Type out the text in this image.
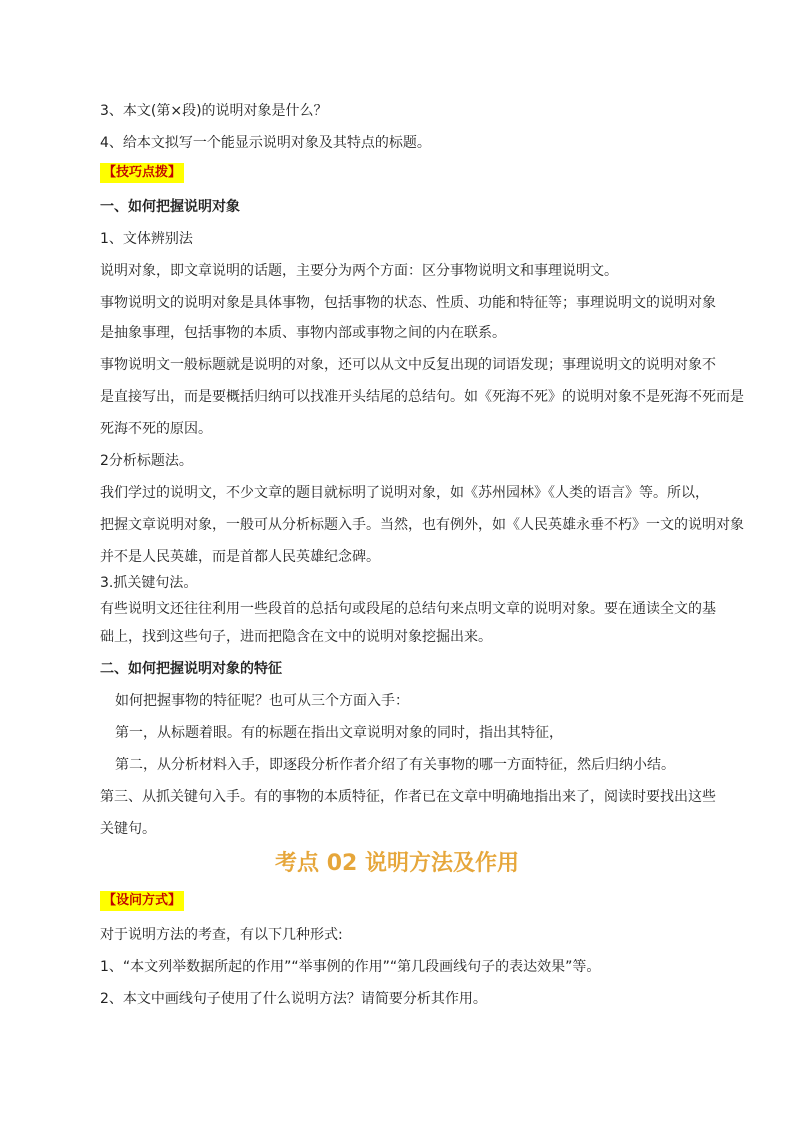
3、本文(第×段)的说明对象是什么？
4、给本文拟写一个能显示说明对象及其特点的标题。
【技巧点拨】
一、如何把握说明对象
1、文体辨别法
说明对象，即文章说明的话题，主要分为两个方面：区分事物说明文和事理说明文。
事物说明文的说明对象是具体事物，包括事物的状态、性质、功能和特征等；事理说明文的说明对象
是抽象事理，包括事物的本质、事物内部或事物之间的内在联系。
事物说明文一般标题就是说明的对象，还可以从文中反复出现的词语发现；事理说明文的说明对象不
是直接写出，而是要概括归纳可以找准开头结尾的总结句。如《死海不死》的说明对象不是死海不死而是
死海不死的原因。
2分析标题法。
我们学过的说明文，不少文章的题目就标明了说明对象，如《苏州园林》《人类的语言》等。所以，
把握文章说明对象，一般可从分析标题入手。当然，也有例外，如《人民英雄永垂不朽》一文的说明对象
并不是人民英雄，而是首都人民英雄纪念碑。
3.抓关键句法。
有些说明文还往往利用一些段首的总括句或段尾的总结句来点明文章的说明对象。要在通读全文的基
础上，找到这些句子，进而把隐含在文中的说明对象挖掘出来。
二、如何把握说明对象的特征
如何把握事物的特征呢？也可从三个方面入手：
第一，从标题着眼。有的标题在指出文章说明对象的同时，指出其特征，
第二，从分析材料入手，即逐段分析作者介绍了有关事物的哪一方面特征，然后归纳小结。
第三、从抓关键句入手。有的事物的本质特征，作者已在文章中明确地指出来了，阅读时要找出这些
关键句。
考点 02 说明方法及作用
【设问方式】
对于说明方法的考查，有以下几种形式:
1、“本文列举数据所起的作用”“举事例的作用”“第几段画线句子的表达效果”等。
2、本文中画线句子使用了什么说明方法？请简要分析其作用。
